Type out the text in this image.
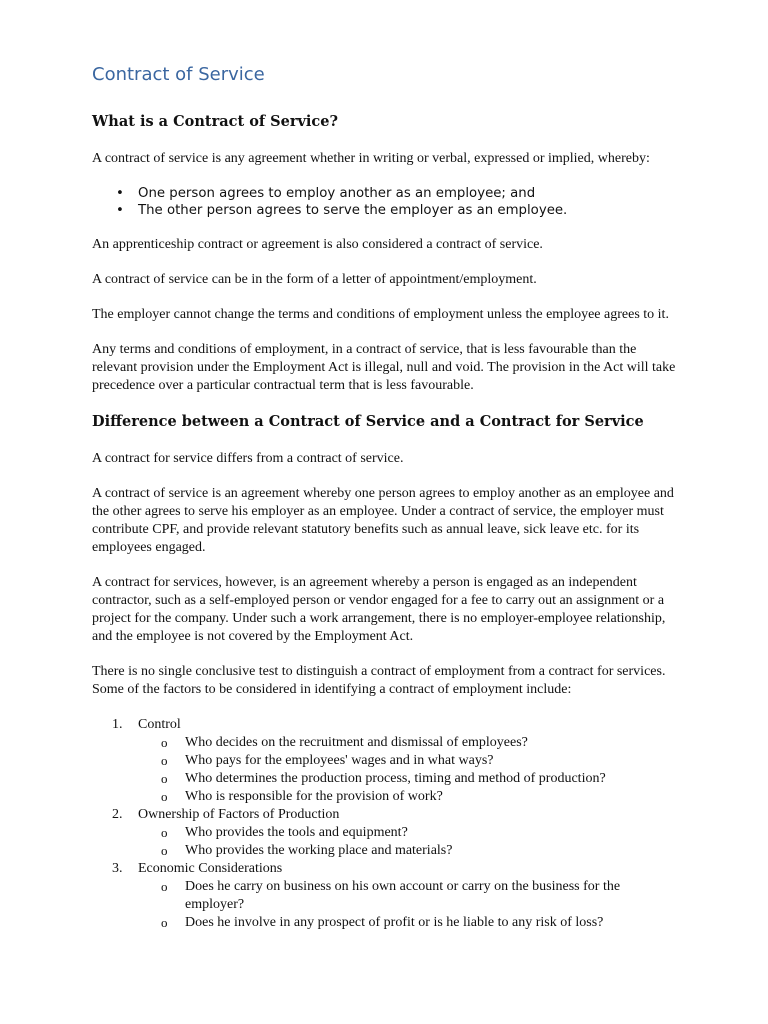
Contract of Service
What is a Contract of Service?

A contract of service is any agreement whether in writing or verbal, expressed or implied, whereby:

• One person agrees to employ another as an employee; and
• The other person agrees to serve the employer as an employee.

An apprenticeship contract or agreement is also considered a contract of service.

A contract of service can be in the form of a letter of appointment/employment.

The employer cannot change the terms and conditions of employment unless the employee agrees to it.

Any terms and conditions of employment, in a contract of service, that is less favourable than the relevant provision under the Employment Act is illegal, null and void. The provision in the Act will take precedence over a particular contractual term that is less favourable.

Difference between a Contract of Service and a Contract for Service

A contract for service differs from a contract of service.

A contract of service is an agreement whereby one person agrees to employ another as an employee and the other agrees to serve his employer as an employee. Under a contract of service, the employer must contribute CPF, and provide relevant statutory benefits such as annual leave, sick leave etc. for its employees engaged.

A contract for services, however, is an agreement whereby a person is engaged as an independent contractor, such as a self-employed person or vendor engaged for a fee to carry out an assignment or a project for the company. Under such a work arrangement, there is no employer-employee relationship, and the employee is not covered by the Employment Act.

There is no single conclusive test to distinguish a contract of employment from a contract for services. Some of the factors to be considered in identifying a contract of employment include:

1. Control
o Who decides on the recruitment and dismissal of employees?
o Who pays for the employees' wages and in what ways?
o Who determines the production process, timing and method of production?
o Who is responsible for the provision of work?
2. Ownership of Factors of Production
o Who provides the tools and equipment?
o Who provides the working place and materials?
3. Economic Considerations
o Does he carry on business on his own account or carry on the business for the employer?
o Does he involve in any prospect of profit or is he liable to any risk of loss?
